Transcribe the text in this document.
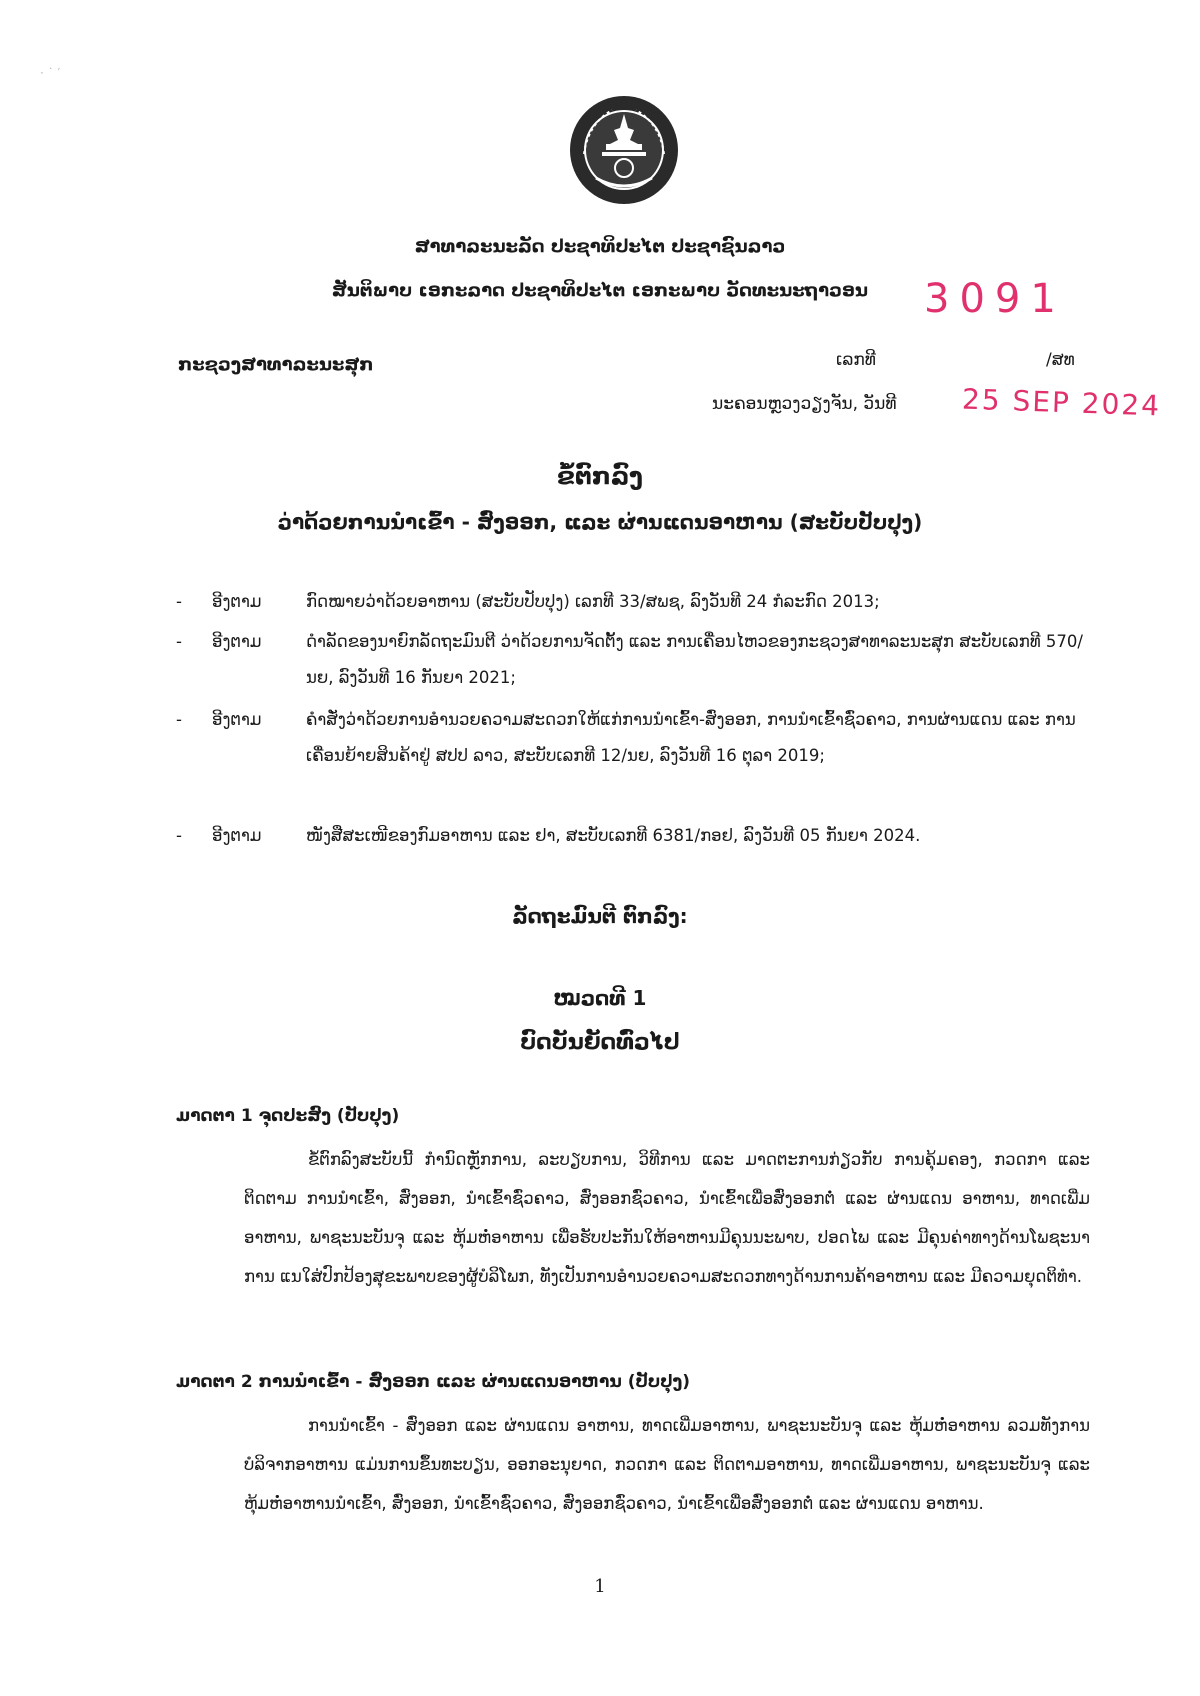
· ˙ ′
ສາທາລະນະລັດ ປະຊາທິປະໄຕ ປະຊາຊົນລາວ
ສັນຕິພາບ ເອກະລາດ ປະຊາທິປະໄຕ ເອກະພາບ ວັດທະນະຖາວອນ	3091
ກະຊວງສາທາລະນະສຸກ	ເລກທີ	/ສທ
ນະຄອນຫຼວງວຽງຈັນ, ວັນທີ 25 SEP 2024
ຂໍ້ຕົກລົງ
ວ່າດ້ວຍການນໍາເຂົ້າ - ສົ່ງອອກ, ແລະ ຜ່ານແດນອາຫານ (ສະບັບປັບປຸງ)
- ອີງຕາມ	ກົດໝາຍວ່າດ້ວຍອາຫານ (ສະບັບປັບປຸງ) ເລກທີ 33/ສພຊ, ລົງວັນທີ 24 ກໍລະກົດ 2013;
- ອີງຕາມ	ດໍາລັດຂອງນາຍົກລັດຖະມົນຕີ ວ່າດ້ວຍການຈັດຕັ້ງ ແລະ ການເຄື່ອນໄຫວຂອງກະຊວງສາທາລະນະສຸກ ສະບັບເລກທີ 570/ນຍ, ລົງວັນທີ 16 ກັນຍາ 2021;
- ອີງຕາມ	ຄໍາສັ່ງວ່າດ້ວຍການອໍານວຍຄວາມສະດວກໃຫ້ແກ່ການນໍາເຂົ້າ-ສົ່ງອອກ, ການນໍາເຂົ້າຊົ່ວຄາວ, ການຜ່ານແດນ ແລະ ການເຄື່ອນຍ້າຍສິນຄ້າຢູ່ ສປປ ລາວ, ສະບັບເລກທີ 12/ນຍ, ລົງວັນທີ 16 ຕຸລາ 2019;
- ອີງຕາມ	ໜັງສືສະເໜີຂອງກົມອາຫານ ແລະ ຢາ, ສະບັບເລກທີ 6381/ກອຢ, ລົງວັນທີ 05 ກັນຍາ 2024.
ລັດຖະມົນຕີ ຕົກລົງ:
ໝວດທີ 1
ບົດບັນຍັດທົ່ວໄປ
ມາດຕາ 1 ຈຸດປະສົງ (ປັບປຸງ)
ຂໍ້ຕົກລົງສະບັບນີ້ ກໍານົດຫຼັກການ, ລະບຽບການ, ວິທີການ ແລະ ມາດຕະການກ່ຽວກັບ ການຄຸ້ມຄອງ, ກວດກາ ແລະ ຕິດຕາມ ການນໍາເຂົ້າ, ສົ່ງອອກ, ນໍາເຂົ້າຊົ່ວຄາວ, ສົ່ງອອກຊົ່ວຄາວ, ນໍາເຂົ້າເພື່ອສົ່ງອອກຕໍ່ ແລະ ຜ່ານແດນ ອາຫານ, ທາດເພີ່ມອາຫານ, ພາຊະນະບັນຈຸ ແລະ ຫຸ້ມຫໍ່ອາຫານ ເພື່ອຮັບປະກັນໃຫ້ອາຫານມີຄຸນນະພາບ, ປອດໄພ ແລະ ມີຄຸນຄ່າທາງດ້ານໂພຊະນາການ ແນໃສ່ປົກປ້ອງສຸຂະພາບຂອງຜູ້ບໍລິໂພກ, ທັງເປັນການອໍານວຍຄວາມສະດວກທາງດ້ານການຄ້າອາຫານ ແລະ ມີຄວາມຍຸດຕິທໍາ.
ມາດຕາ 2 ການນໍາເຂົ້າ - ສົ່ງອອກ ແລະ ຜ່ານແດນອາຫານ (ປັບປຸງ)
ການນໍາເຂົ້າ - ສົ່ງອອກ ແລະ ຜ່ານແດນ ອາຫານ, ທາດເພີ່ມອາຫານ, ພາຊະນະບັນຈຸ ແລະ ຫຸ້ມຫໍ່ອາຫານ ລວມທັງການບໍລິຈາກອາຫານ ແມ່ນການຂຶ້ນທະບຽນ, ອອກອະນຸຍາດ, ກວດກາ ແລະ ຕິດຕາມອາຫານ, ທາດເພີ່ມອາຫານ, ພາຊະນະບັນຈຸ ແລະ ຫຸ້ມຫໍ່ອາຫານນໍາເຂົ້າ, ສົ່ງອອກ, ນໍາເຂົ້າຊົ່ວຄາວ, ສົ່ງອອກຊົ່ວຄາວ, ນໍາເຂົ້າເພື່ອສົ່ງອອກຕໍ່ ແລະ ຜ່ານແດນ ອາຫານ.
1
